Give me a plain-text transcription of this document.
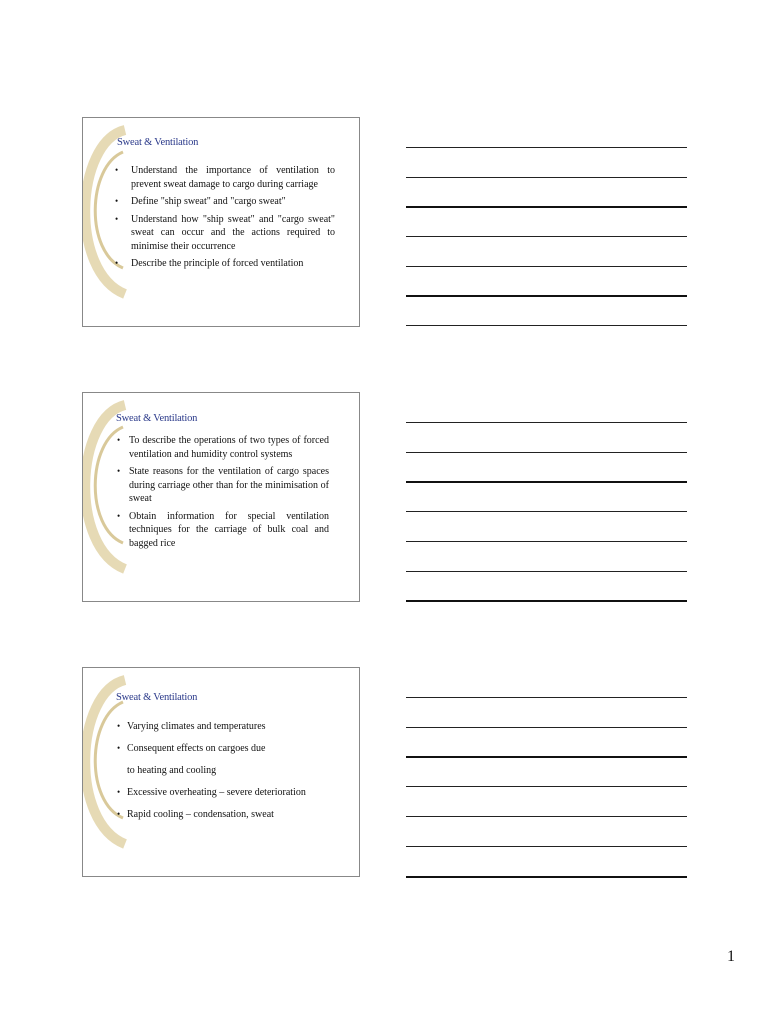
Sweat & Ventilation
• Understand the importance of ventilation to prevent sweat damage to cargo during carriage
• Define "ship sweat" and "cargo sweat"
• Understand how "ship sweat" and "cargo sweat" sweat can occur and the actions required to minimise their occurrence
• Describe the principle of forced ventilation
Sweat & Ventilation
• To describe the operations of two types of forced ventilation and humidity control systems
• State reasons for the ventilation of cargo spaces during carriage other than for the minimisation of sweat
• Obtain information for special ventilation techniques for the carriage of bulk coal and bagged rice
Sweat & Ventilation
• Varying climates and temperatures
• Consequent effects on cargoes due
to heating and cooling
• Excessive overheating – severe deterioration
• Rapid cooling – condensation, sweat
1
